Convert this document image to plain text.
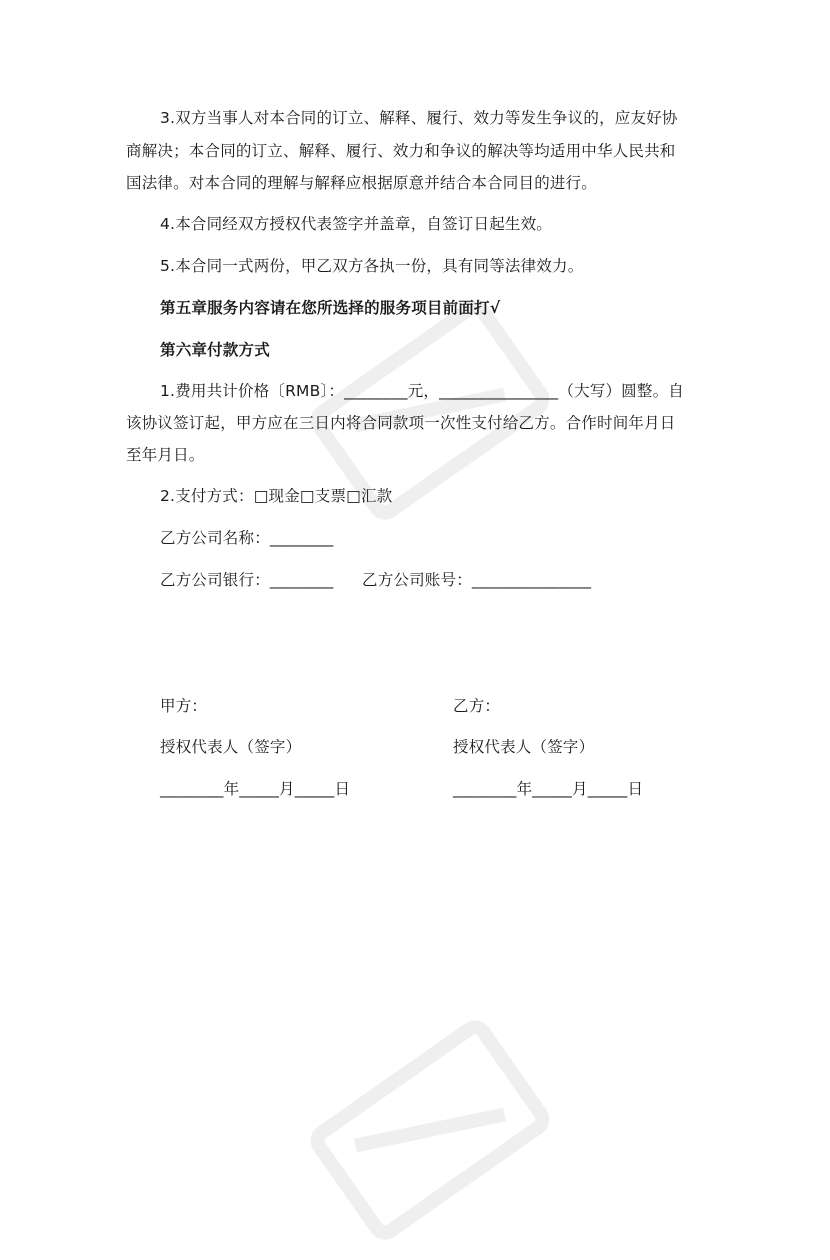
3.双方当事人对本合同的订立、解释、履行、效力等发生争议的，应友好协
商解决；本合同的订立、解释、履行、效力和争议的解决等均适用中华人民共和
国法律。对本合同的理解与解释应根据原意并结合本合同目的进行。
4.本合同经双方授权代表签字并盖章，自签订日起生效。
5.本合同一式两份，甲乙双方各执一份，具有同等法律效力。
第五章服务内容请在您所选择的服务项目前面打√
第六章付款方式
1.费用共计价格〔RMB〕：________元，_______________（大写）圆整。自
该协议签订起，甲方应在三日内将合同款项一次性支付给乙方。合作时间年月日
至年月日。
2.支付方式：□现金□支票□汇款
乙方公司名称：________
乙方公司银行：________ 乙方公司账号：_______________
甲方：
授权代表人（签字）
________年_____月_____日
乙方：
授权代表人（签字）
________年_____月_____日
